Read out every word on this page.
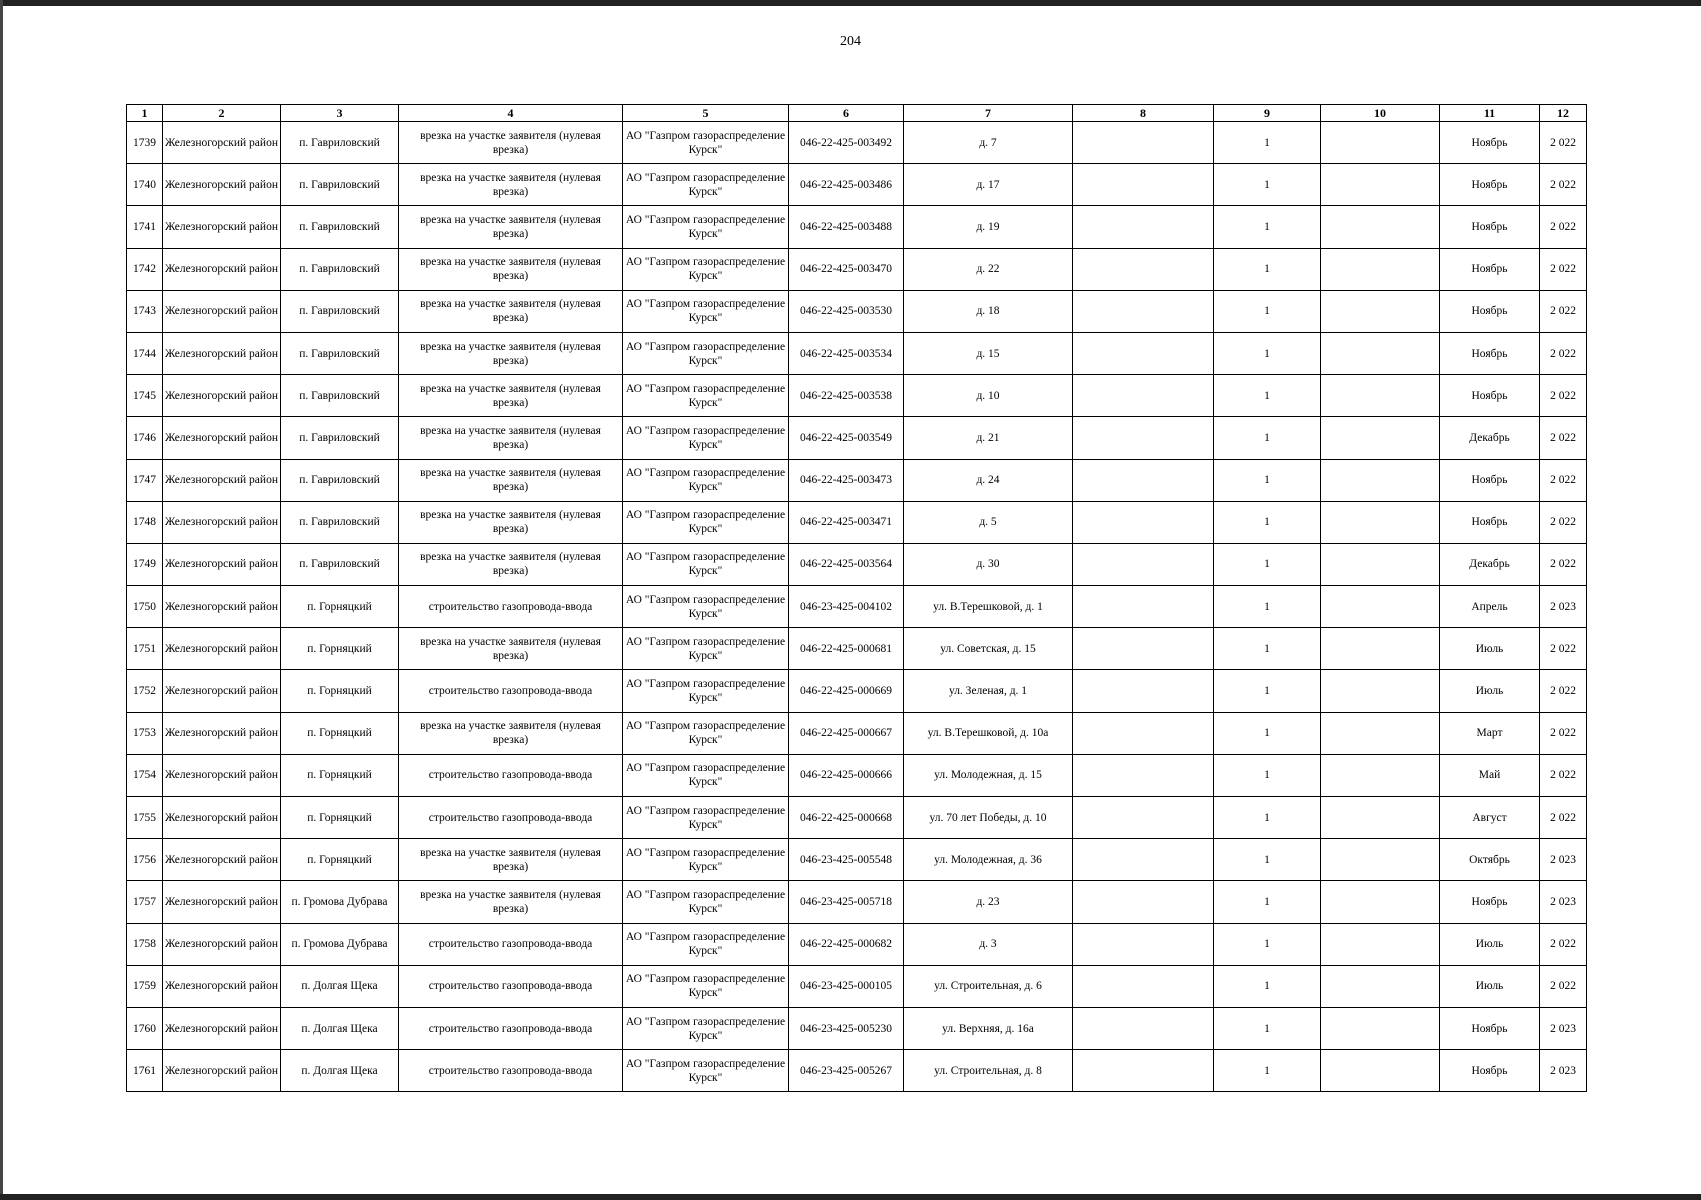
204
1	2	3	4	5	6	7	8	9	10	11	12
1739	Железногорский район	п. Гавриловский	врезка на участке заявителя (нулевая врезка)	АО "Газпром газораспределение Курск"	046-22-425-003492	д. 7		1		Ноябрь	2 022
1740	Железногорский район	п. Гавриловский	врезка на участке заявителя (нулевая врезка)	АО "Газпром газораспределение Курск"	046-22-425-003486	д. 17		1		Ноябрь	2 022
1741	Железногорский район	п. Гавриловский	врезка на участке заявителя (нулевая врезка)	АО "Газпром газораспределение Курск"	046-22-425-003488	д. 19		1		Ноябрь	2 022
1742	Железногорский район	п. Гавриловский	врезка на участке заявителя (нулевая врезка)	АО "Газпром газораспределение Курск"	046-22-425-003470	д. 22		1		Ноябрь	2 022
1743	Железногорский район	п. Гавриловский	врезка на участке заявителя (нулевая врезка)	АО "Газпром газораспределение Курск"	046-22-425-003530	д. 18		1		Ноябрь	2 022
1744	Железногорский район	п. Гавриловский	врезка на участке заявителя (нулевая врезка)	АО "Газпром газораспределение Курск"	046-22-425-003534	д. 15		1		Ноябрь	2 022
1745	Железногорский район	п. Гавриловский	врезка на участке заявителя (нулевая врезка)	АО "Газпром газораспределение Курск"	046-22-425-003538	д. 10		1		Ноябрь	2 022
1746	Железногорский район	п. Гавриловский	врезка на участке заявителя (нулевая врезка)	АО "Газпром газораспределение Курск"	046-22-425-003549	д. 21		1		Декабрь	2 022
1747	Железногорский район	п. Гавриловский	врезка на участке заявителя (нулевая врезка)	АО "Газпром газораспределение Курск"	046-22-425-003473	д. 24		1		Ноябрь	2 022
1748	Железногорский район	п. Гавриловский	врезка на участке заявителя (нулевая врезка)	АО "Газпром газораспределение Курск"	046-22-425-003471	д. 5		1		Ноябрь	2 022
1749	Железногорский район	п. Гавриловский	врезка на участке заявителя (нулевая врезка)	АО "Газпром газораспределение Курск"	046-22-425-003564	д. 30		1		Декабрь	2 022
1750	Железногорский район	п. Горняцкий	строительство газопровода-ввода	АО "Газпром газораспределение Курск"	046-23-425-004102	ул. В.Терешковой, д. 1		1		Апрель	2 023
1751	Железногорский район	п. Горняцкий	врезка на участке заявителя (нулевая врезка)	АО "Газпром газораспределение Курск"	046-22-425-000681	ул. Советская, д. 15		1		Июль	2 022
1752	Железногорский район	п. Горняцкий	строительство газопровода-ввода	АО "Газпром газораспределение Курск"	046-22-425-000669	ул. Зеленая, д. 1		1		Июль	2 022
1753	Железногорский район	п. Горняцкий	врезка на участке заявителя (нулевая врезка)	АО "Газпром газораспределение Курск"	046-22-425-000667	ул. В.Терешковой, д. 10а		1		Март	2 022
1754	Железногорский район	п. Горняцкий	строительство газопровода-ввода	АО "Газпром газораспределение Курск"	046-22-425-000666	ул. Молодежная, д. 15		1		Май	2 022
1755	Железногорский район	п. Горняцкий	строительство газопровода-ввода	АО "Газпром газораспределение Курск"	046-22-425-000668	ул. 70 лет Победы, д. 10		1		Август	2 022
1756	Железногорский район	п. Горняцкий	врезка на участке заявителя (нулевая врезка)	АО "Газпром газораспределение Курск"	046-23-425-005548	ул. Молодежная, д. 36		1		Октябрь	2 023
1757	Железногорский район	п. Громова Дубрава	врезка на участке заявителя (нулевая врезка)	АО "Газпром газораспределение Курск"	046-23-425-005718	д. 23		1		Ноябрь	2 023
1758	Железногорский район	п. Громова Дубрава	строительство газопровода-ввода	АО "Газпром газораспределение Курск"	046-22-425-000682	д. 3		1		Июль	2 022
1759	Железногорский район	п. Долгая Щека	строительство газопровода-ввода	АО "Газпром газораспределение Курск"	046-23-425-000105	ул. Строительная, д. 6		1		Июль	2 022
1760	Железногорский район	п. Долгая Щека	строительство газопровода-ввода	АО "Газпром газораспределение Курск"	046-23-425-005230	ул. Верхняя, д. 16а		1		Ноябрь	2 023
1761	Железногорский район	п. Долгая Щека	строительство газопровода-ввода	АО "Газпром газораспределение Курск"	046-23-425-005267	ул. Строительная, д. 8		1		Ноябрь	2 023
